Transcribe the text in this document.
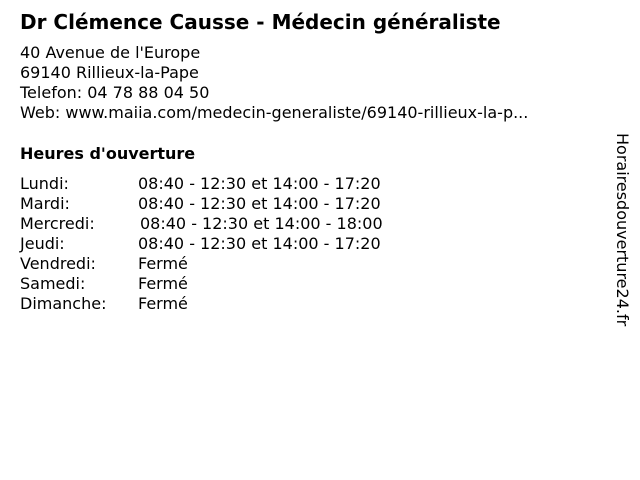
Dr Clémence Causse - Médecin généraliste
40 Avenue de l'Europe
69140 Rillieux-la-Pape
Telefon: 04 78 88 04 50
Web: www.maiia.com/medecin-generaliste/69140-rillieux-la-p...
Heures d'ouverture
Lundi:	08:40 - 12:30 et 14:00 - 17:20
Mardi:	08:40 - 12:30 et 14:00 - 17:20
Mercredi:	08:40 - 12:30 et 14:00 - 18:00
Jeudi:	08:40 - 12:30 et 14:00 - 17:20
Vendredi:	Fermé
Samedi:	Fermé
Dimanche: Fermé	Horairesdouverture24.fr
